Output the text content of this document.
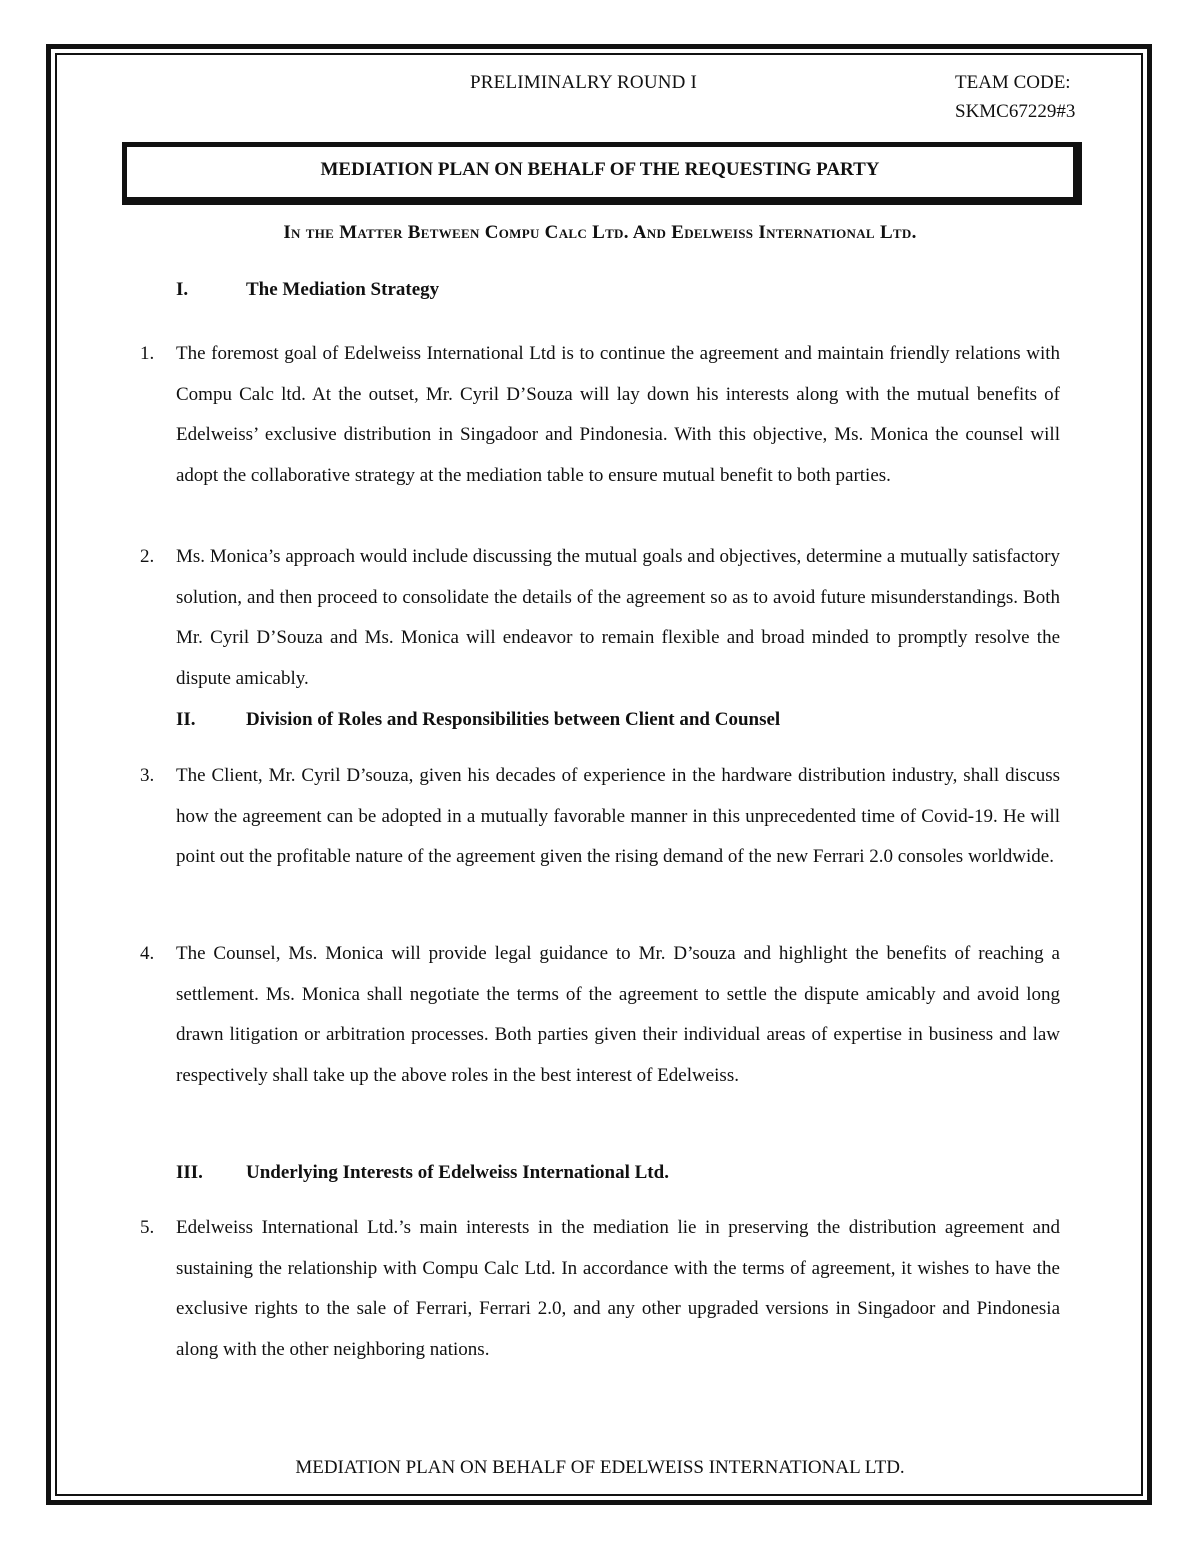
PRELIMINALRY ROUND I	TEAM CODE:
SKMC67229#3
MEDIATION PLAN ON BEHALF OF THE REQUESTING PARTY
In the Matter Between Compu Calc Ltd. And Edelweiss International Ltd.
I.	The Mediation Strategy
1. The foremost goal of Edelweiss International Ltd is to continue the agreement and maintain friendly relations with Compu Calc ltd. At the outset, Mr. Cyril D’Souza will lay down his interests along with the mutual benefits of Edelweiss’ exclusive distribution in Singadoor and Pindonesia. With this objective, Ms. Monica the counsel will adopt the collaborative strategy at the mediation table to ensure mutual benefit to both parties.
2. Ms. Monica’s approach would include discussing the mutual goals and objectives, determine a mutually satisfactory solution, and then proceed to consolidate the details of the agreement so as to avoid future misunderstandings. Both Mr. Cyril D’Souza and Ms. Monica will endeavor to remain flexible and broad minded to promptly resolve the dispute amicably.
II.	Division of Roles and Responsibilities between Client and Counsel
3. The Client, Mr. Cyril D’souza, given his decades of experience in the hardware distribution industry, shall discuss how the agreement can be adopted in a mutually favorable manner in this unprecedented time of Covid-19. He will point out the profitable nature of the agreement given the rising demand of the new Ferrari 2.0 consoles worldwide.
4. The Counsel, Ms. Monica will provide legal guidance to Mr. D’souza and highlight the benefits of reaching a settlement. Ms. Monica shall negotiate the terms of the agreement to settle the dispute amicably and avoid long drawn litigation or arbitration processes. Both parties given their individual areas of expertise in business and law respectively shall take up the above roles in the best interest of Edelweiss.
III. Underlying Interests of Edelweiss International Ltd.
5. Edelweiss International Ltd.’s main interests in the mediation lie in preserving the distribution agreement and sustaining the relationship with Compu Calc Ltd. In accordance with the terms of agreement, it wishes to have the exclusive rights to the sale of Ferrari, Ferrari 2.0, and any other upgraded versions in Singadoor and Pindonesia along with the other neighboring nations.
MEDIATION PLAN ON BEHALF OF EDELWEISS INTERNATIONAL LTD.
